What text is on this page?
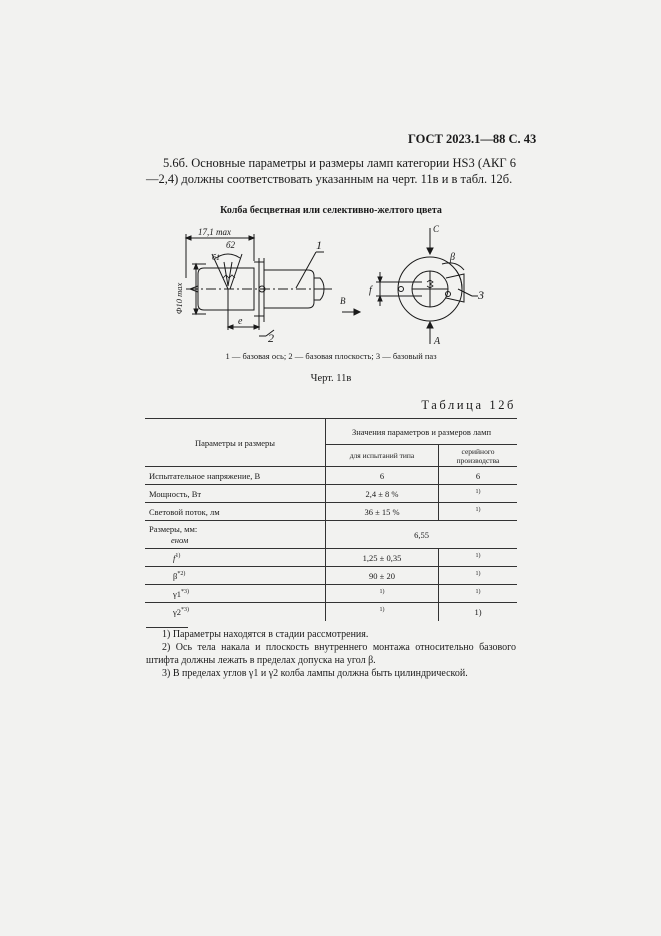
ГОСТ 2023.1—88 С. 43
5.6б. Основные параметры и размеры ламп категории HS3 (АКГ 6—2,4) должны соответствовать указанным на черт. 11в и в табл. 12б.
Колба бесцветная или селективно-желтого цвета
17,1 max
б2
б1
Φ10 max
e
1
2
C
β
f
B
A
3
1 — базовая ось; 2 — базовая плоскость; 3 — базовый паз
Черт. 11в
Таблица 12б
Параметры и размеры	Значения параметров и размеров ламп	
	для испытаний типа	серийного производства
Испытательное напряжение, В	6	6
Мощность, Вт	2,4 ± 8 %	$^{1)}$
Световой поток, лм	36 ± 15 %	$^{1)}$
Размеры, мм:
eном	6,55	
$f^{1)}$	1,25 ± 0,35	$^{1)}$
$\beta^{*2)}$	90 ± 20	$^{1)}$
γ1$^{*3)}$	$^{1)}$	$^{1)}$
γ2$^{*3)}$	$^{1)}$	1)
1) Параметры находятся в стадии рассмотрения.
2) Ось тела накала и плоскость внутреннего монтажа относительно базового штифта должны лежать в пределах допуска на угол β.
3) В пределах углов γ1 и γ2 колба лампы должна быть цилиндрической.
